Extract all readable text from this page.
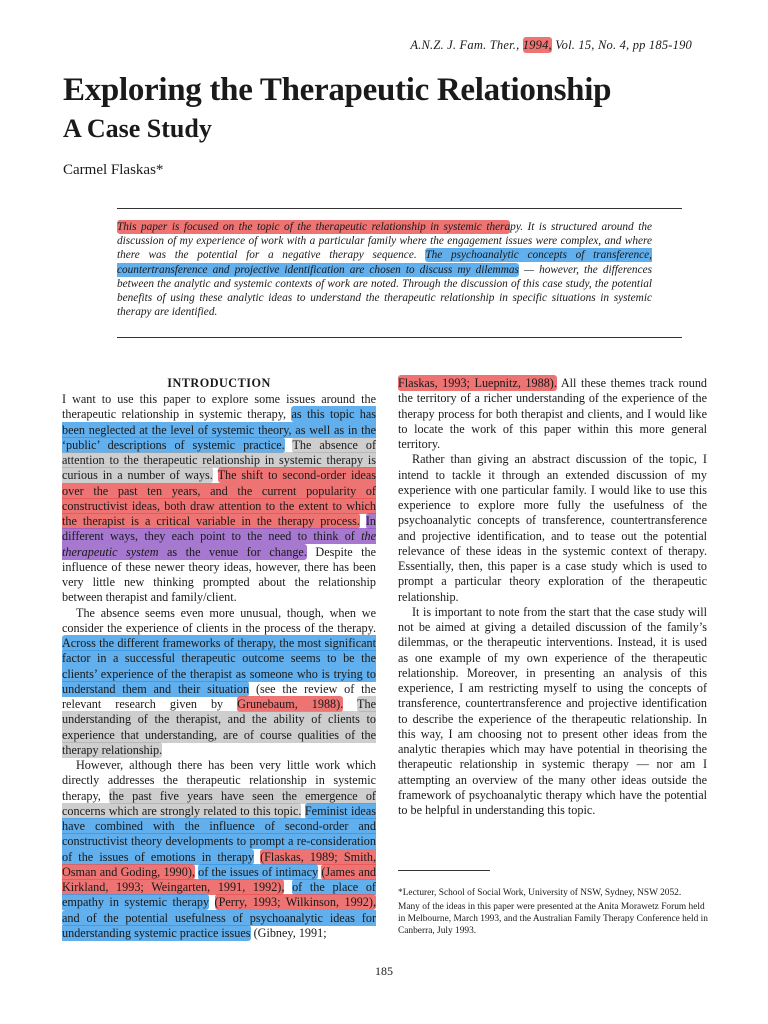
A.N.Z. J. Fam. Ther., 1994, Vol. 15, No. 4, pp 185-190
Exploring the Therapeutic Relationship
A Case Study
Carmel Flaskas*
This paper is focused on the topic of the therapeutic relationship in systemic therapy. It is structured around the discussion of my experience of work with a particular family where the engagement issues were complex, and where there was the potential for a negative therapy sequence. The psychoanalytic concepts of transference, countertransference and projective identification are chosen to discuss my dilemmas — however, the differences between the analytic and systemic contexts of work are noted. Through the discussion of this case study, the potential benefits of using these analytic ideas to understand the therapeutic relationship in specific situations in systemic therapy are identified.
INTRODUCTION

I want to use this paper to explore some issues around the therapeutic relationship in systemic therapy, as this topic has been neglected at the level of systemic theory, as well as in the ‘public’ descriptions of systemic practice. The absence of attention to the therapeutic relationship in systemic therapy is curious in a number of ways. The shift to second-order ideas over the past ten years, and the current popularity of constructivist ideas, both draw attention to the extent to which the therapist is a critical variable in the therapy process. In different ways, they each point to the need to think of the therapeutic system as the venue for change. Despite the influence of these newer theory ideas, however, there has been very little new thinking prompted about the relationship between therapist and family/client.

The absence seems even more unusual, though, when we consider the experience of clients in the process of the therapy. Across the different frameworks of therapy, the most significant factor in a successful therapeutic outcome seems to be the clients’ experience of the therapist as someone who is trying to understand them and their situation (see the review of the relevant research given by Grunebaum, 1988). The understanding of the therapist, and the ability of clients to experience that understanding, are of course qualities of the therapy relationship.

However, although there has been very little work which directly addresses the therapeutic relationship in systemic therapy, the past five years have seen the emergence of concerns which are strongly related to this topic. Feminist ideas have combined with the influence of second-order and constructivist theory developments to prompt a re-consideration of the issues of emotions in therapy (Flaskas, 1989; Smith, Osman and Goding, 1990), of the issues of intimacy (James and Kirkland, 1993; Weingarten, 1991, 1992), of the place of empathy in systemic therapy (Perry, 1993; Wilkinson, 1992), and of the potential usefulness of psychoanalytic ideas for understanding systemic practice issues (Gibney, 1991;

Flaskas, 1993; Luepnitz, 1988). All these themes track round the territory of a richer understanding of the experience of the therapy process for both therapist and clients, and I would like to locate the work of this paper within this more general territory.

Rather than giving an abstract discussion of the topic, I intend to tackle it through an extended discussion of my experience with one particular family. I would like to use this experience to explore more fully the usefulness of the psychoanalytic concepts of transference, countertransference and projective identification, and to tease out the potential relevance of these ideas in the systemic context of therapy. Essentially, then, this paper is a case study which is used to prompt a particular theory exploration of the therapeutic relationship.

It is important to note from the start that the case study will not be aimed at giving a detailed discussion of the family’s dilemmas, or the therapeutic interventions. Instead, it is used as one example of my own experience of the therapeutic relationship. Moreover, in presenting an analysis of this experience, I am restricting myself to using the concepts of transference, countertransference and projective identification to describe the experience of the therapeutic relationship. In this way, I am choosing not to present other ideas from the analytic therapies which may have potential in theorising the therapeutic relationship in systemic therapy — nor am I attempting an overview of the many other ideas outside the framework of psychoanalytic therapy which have the potential to be helpful in understanding this topic.

*Lecturer, School of Social Work, University of NSW, Sydney, NSW 2052.
Many of the ideas in this paper were presented at the Anita Morawetz Forum held in Melbourne, March 1993, and the Australian Family Therapy Conference held in Canberra, July 1993.
185
